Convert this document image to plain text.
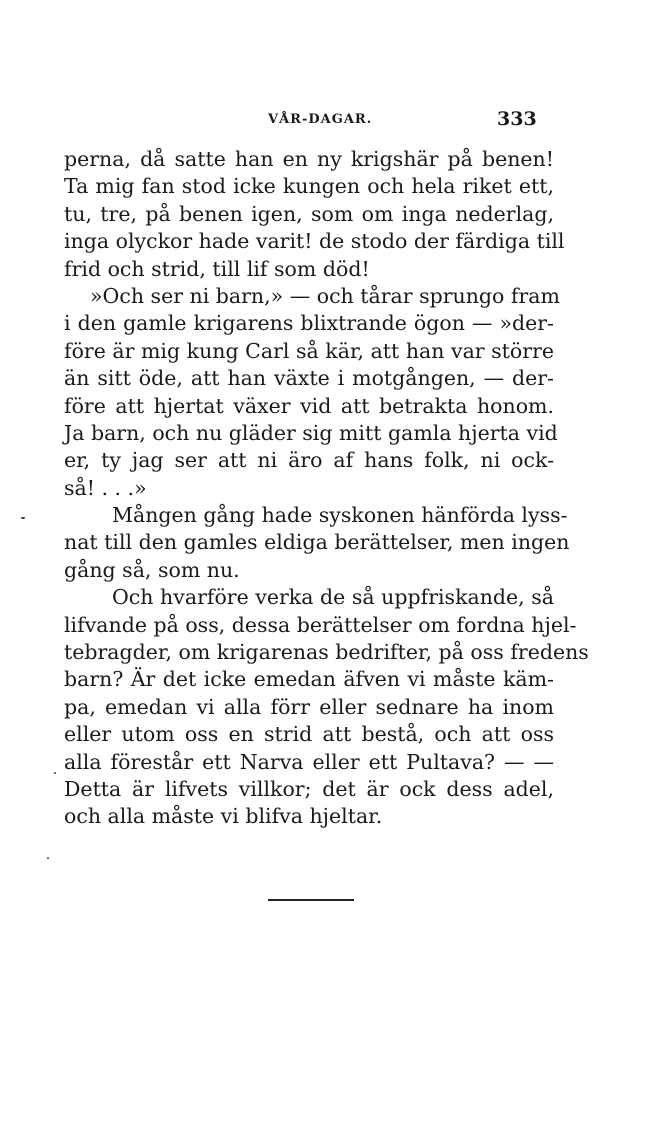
VÅR-DAGAR.	333
perna, då satte han en ny krigshär på benen!
Ta mig fan stod icke kungen och hela riket ett,
tu, tre, på benen igen, som om inga nederlag,
inga olyckor hade varit! de stodo der färdiga till
frid och strid, till lif som död!
»Och ser ni barn,» — och tårar sprungo fram
i den gamle krigarens blixtrande ögon — »der-
före är mig kung Carl så kär, att han var större
än sitt öde, att han växte i motgången, — der-
före att hjertat växer vid att betrakta honom.
Ja barn, och nu gläder sig mitt gamla hjerta vid
er, ty jag ser att ni äro af hans folk, ni ock-
så! . . .»
Mången gång hade syskonen hänförda lyss-
nat till den gamles eldiga berättelser, men ingen
gång så, som nu.
Och hvarföre verka de så uppfriskande, så
lifvande på oss, dessa berättelser om fordna hjel-
tebragder, om krigarenas bedrifter, på oss fredens
barn? Är det icke emedan äfven vi måste käm-
pa, emedan vi alla förr eller sednare ha inom
eller utom oss en strid att bestå, och att oss
alla förestår ett Narva eller ett Pultava? — —
Detta är lifvets villkor; det är ock dess adel,
och alla måste vi blifva hjeltar.
